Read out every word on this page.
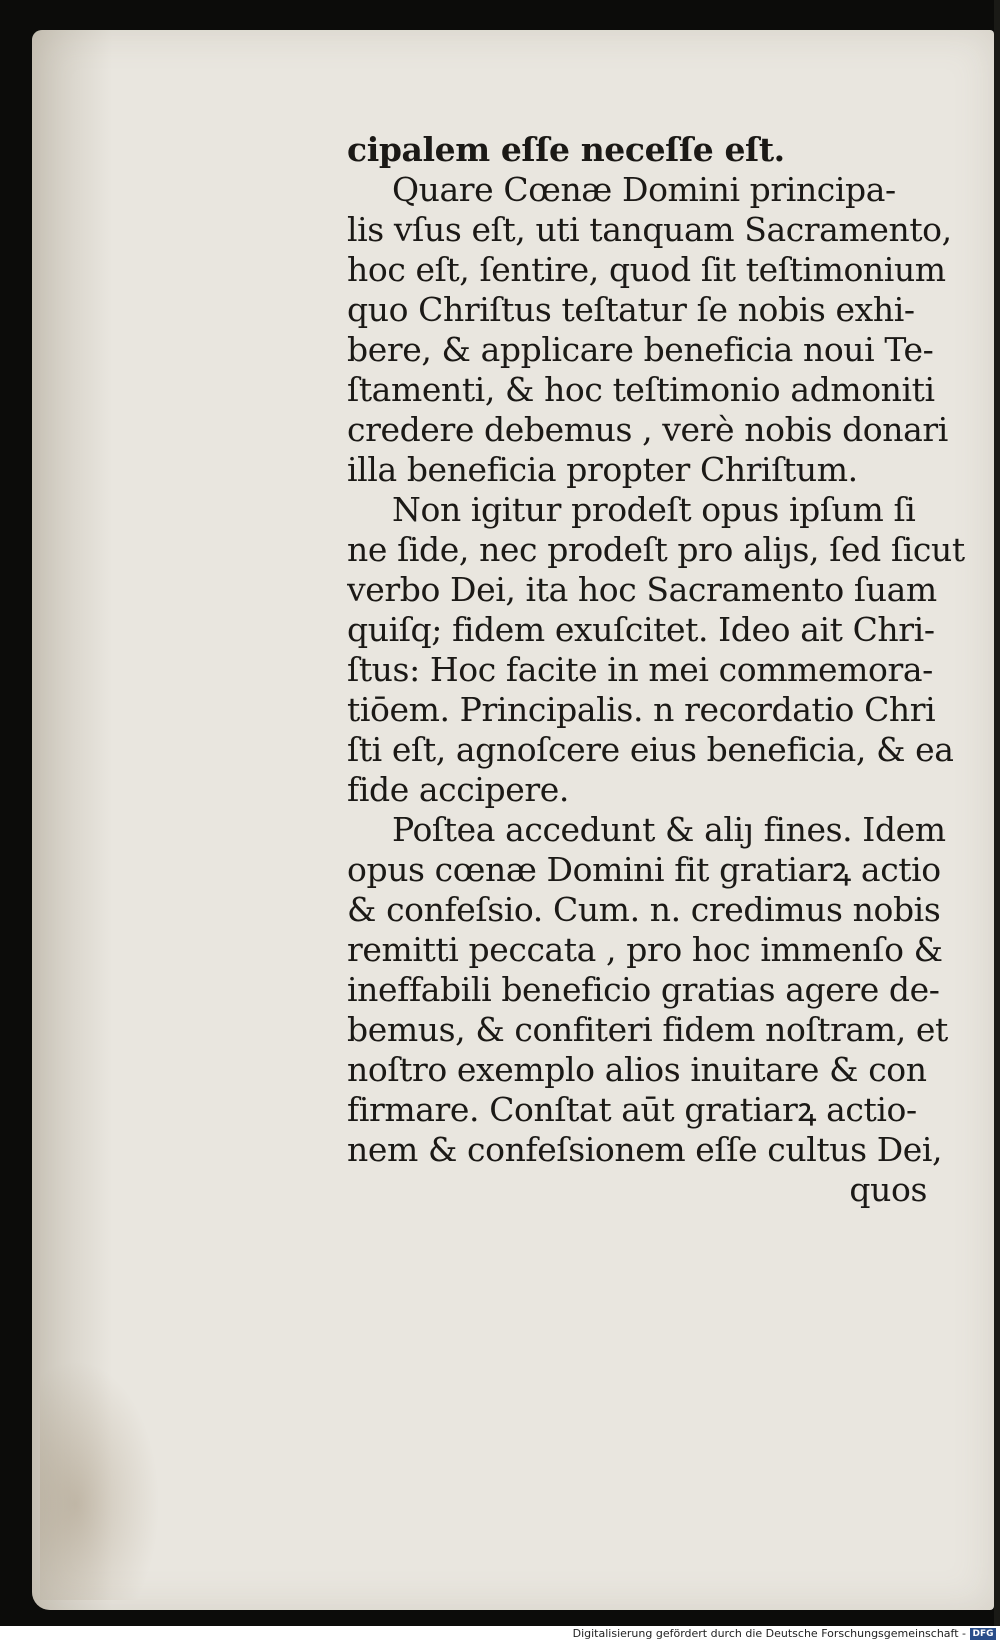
cipalem eſſe neceſſe eſt.
Quare Cœnæ Domini principa-
lis vſus eſt, uti tanquam Sacramento,
hoc eſt, ſentire, quod ſit teſtimonium
quo Chriſtus teſtatur ſe nobis exhi-
bere, & applicare beneficia noui Te-
ſtamenti, & hoc teſtimonio admoniti
credere debemus , verè nobis donari
illa beneficia propter Chriſtum.
Non igitur prodeſt opus ipſum ſi
ne ſide, nec prodeſt pro aliȷs, ſed ſicut
verbo Dei, ita hoc Sacramento ſuam
quiſq; fidem exuſcitet. Ideo ait Chri-
ſtus: Hoc facite in mei commemora-
tiōem. Principalis. n recordatio Chri
ſti eſt, agnoſcere eius beneficia, & ea
fide accipere.
Poſtea accedunt & aliȷ fines. Idem
opus cœnæ Domini fit gratiarꝝ actio
& confeſsio. Cum. n. credimus nobis
remitti peccata , pro hoc immenſo &
ineffabili beneficio gratias agere de-
bemus, & confiteri fidem noſtram, et
noſtro exemplo alios inuitare & con
firmare. Conſtat aūt gratiarꝝ actio-
nem & confeſsionem eſſe cultus Dei,
quos
Digitalisierung gefördert durch die Deutsche Forschungsgemeinschaft - DFG
